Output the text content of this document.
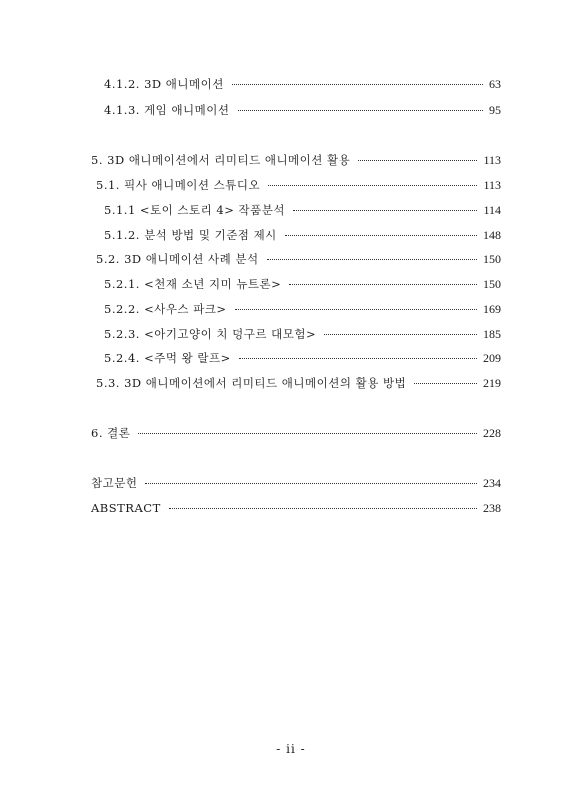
4.1.2. 3D 애니메이션	63
4.1.3. 게임 애니메이션	95
5. 3D 애니메이션에서 리미티드 애니메이션 활용	113
5.1. 픽사 애니메이션 스튜디오	113
5.1.1 <토이 스토리 4> 작품분석	114
5.1.2. 분석 방법 및 기준점 제시	148
5.2. 3D 애니메이션 사례 분석	150
5.2.1. <천재 소년 지미 뉴트론>	150
5.2.2. <사우스 파크>	169
5.2.3. <아기고양이 치 덩구르 대모험>	185
5.2.4. <주먹 왕 랄프>	209
5.3. 3D 애니메이션에서 리미티드 애니메이션의 활용 방법	219
6. 결론	228
참고문헌	234
ABSTRACT	238
- ii -
